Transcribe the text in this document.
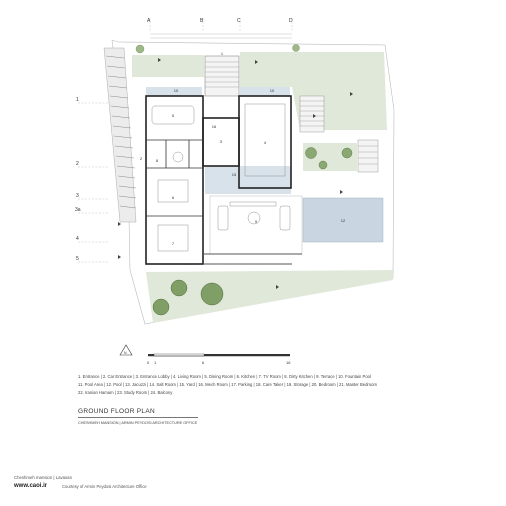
A	B	C	D
1
2
3
3a
4
5
1
5
4
3
10	10
15
6
7
8
9	12
2
16
N
0 1	6	16
1. Entrance | 2. Car Entrance | 3. Entrance Lobby | 4. Living Room | 5. Dining Room | 6. Kitchen | 7. TV Room | 8. Dirty Kitchen | 9. Terrace | 10. Fountain Pool
11. Pool Area | 12. Pool | 13. Jacuzzi | 14. Salt Room | 15. Yard | 16. Mech Room | 17. Parking | 18. Care Taker | 19. Storage | 20. Bedroom | 21. Master Bedroom
22. Iranian Hamam | 23. Study Room | 24. Balcony
GROUND FLOOR PLAN
CHESHMEH MANSION | ARMIN PEYDOSI ARCHITECTURE OFFICE
Cheshmeh mansion | Lavasan
www.caoi.ir	Courtesy of Armin Peydosi Architecture Office
